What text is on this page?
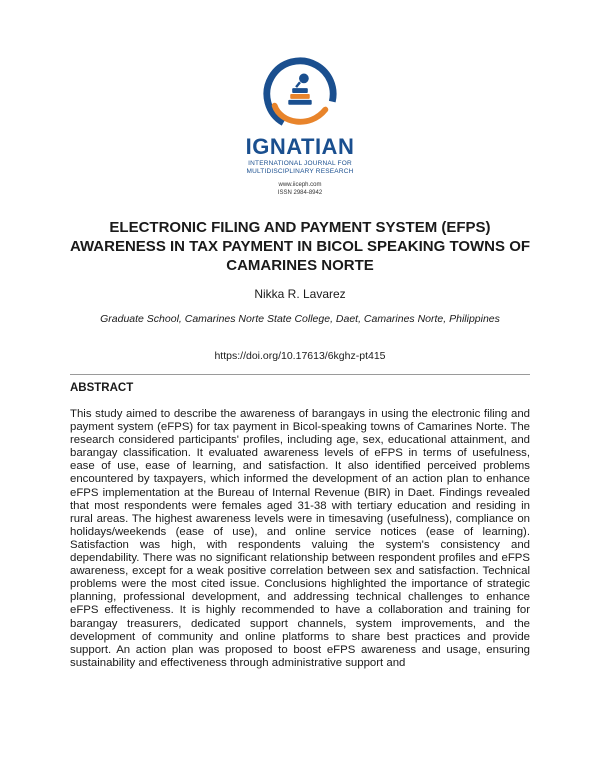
IGNATIAN
INTERNATIONAL JOURNAL FOR
MULTIDISCIPLINARY RESEARCH
www.iiceph.com
ISSN 2984-8942
ELECTRONIC FILING AND PAYMENT SYSTEM (EFPS) AWARENESS IN TAX PAYMENT IN BICOL SPEAKING TOWNS OF CAMARINES NORTE
Nikka R. Lavarez
Graduate School, Camarines Norte State College, Daet, Camarines Norte, Philippines
https://doi.org/10.17613/6kghz-pt415
ABSTRACT

This study aimed to describe the awareness of barangays in using the electronic filing and payment system (eFPS) for tax payment in Bicol-speaking towns of Camarines Norte. The research considered participants' profiles, including age, sex, educational attainment, and barangay classification. It evaluated awareness levels of eFPS in terms of usefulness, ease of use, ease of learning, and satisfaction. It also identified perceived problems encountered by taxpayers, which informed the development of an action plan to enhance eFPS implementation at the Bureau of Internal Revenue (BIR) in Daet. Findings revealed that most respondents were females aged 31-38 with tertiary education and residing in rural areas. The highest awareness levels were in timesaving (usefulness), compliance on holidays/weekends (ease of use), and online service notices (ease of learning). Satisfaction was high, with respondents valuing the system's consistency and dependability. There was no significant relationship between respondent profiles and eFPS awareness, except for a weak positive correlation between sex and satisfaction. Technical problems were the most cited issue. Conclusions highlighted the importance of strategic planning, professional development, and addressing technical challenges to enhance eFPS effectiveness. It is highly recommended to have a collaboration and training for barangay treasurers, dedicated support channels, system improvements, and the development of community and online platforms to share best practices and provide support. An action plan was proposed to boost eFPS awareness and usage, ensuring sustainability and effectiveness through administrative support and
